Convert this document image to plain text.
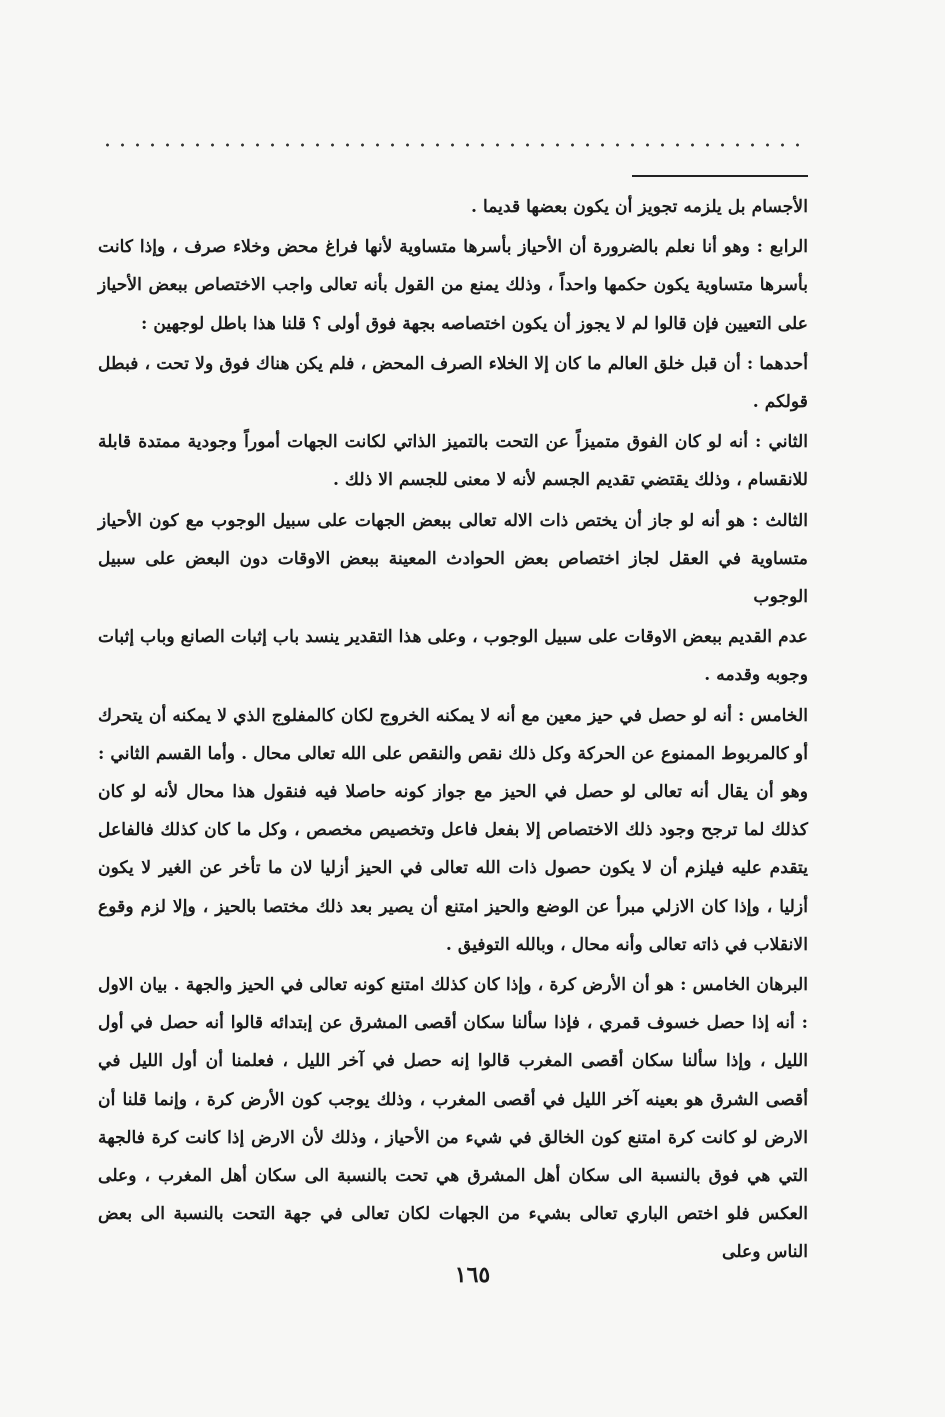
الأجسام بل يلزمه تجويز أن يكون بعضها قديما .

الرابع : وهو أنا نعلم بالضرورة أن الأحياز بأسرها متساوية لأنها فراغ محض وخلاء صرف ، وإذا كانت بأسرها متساوية يكون حكمها واحداً ، وذلك يمنع من القول بأنه تعالى واجب الاختصاص ببعض الأحياز على التعيين فإن قالوا لم لا يجوز أن يكون اختصاصه بجهة فوق أولى ؟ قلنا هذا باطل لوجهين :

أحدهما : أن قبل خلق العالم ما كان إلا الخلاء الصرف المحض ، فلم يكن هناك فوق ولا تحت ، فبطل قولكم .

الثاني : أنه لو كان الفوق متميزاً عن التحت بالتميز الذاتي لكانت الجهات أموراً وجودية ممتدة قابلة للانقسام ، وذلك يقتضي تقديم الجسم لأنه لا معنى للجسم الا ذلك .

الثالث : هو أنه لو جاز أن يختص ذات الاله تعالى ببعض الجهات على سبيل الوجوب مع كون الأحياز متساوية في العقل لجاز اختصاص بعض الحوادث المعينة ببعض الاوقات دون البعض على سبيل الوجوب

عدم القديم ببعض الاوقات على سبيل الوجوب ، وعلى هذا التقدير ينسد باب إثبات الصانع وباب إثبات وجوبه وقدمه .

الخامس : أنه لو حصل في حيز معين مع أنه لا يمكنه الخروج لكان كالمفلوج الذي لا يمكنه أن يتحرك أو كالمربوط الممنوع عن الحركة وكل ذلك نقص والنقص على الله تعالى محال . وأما القسم الثاني : وهو أن يقال أنه تعالى لو حصل في الحيز مع جواز كونه حاصلا فيه فنقول هذا محال لأنه لو كان كذلك لما ترجح وجود ذلك الاختصاص إلا بفعل فاعل وتخصيص مخصص ، وكل ما كان كذلك فالفاعل يتقدم عليه فيلزم أن لا يكون حصول ذات الله تعالى في الحيز أزليا لان ما تأخر عن الغير لا يكون أزليا ، وإذا كان الازلي مبرأ عن الوضع والحيز امتنع أن يصير بعد ذلك مختصا بالحيز ، وإلا لزم وقوع الانقلاب في ذاته تعالى وأنه محال ، وبالله التوفيق .

البرهان الخامس : هو أن الأرض كرة ، وإذا كان كذلك امتنع كونه تعالى في الحيز والجهة . بيان الاول : أنه إذا حصل خسوف قمري ، فإذا سألنا سكان أقصى المشرق عن إبتدائه قالوا أنه حصل في أول الليل ، وإذا سألنا سكان أقصى المغرب قالوا إنه حصل في آخر الليل ، فعلمنا أن أول الليل في أقصى الشرق هو بعينه آخر الليل في أقصى المغرب ، وذلك يوجب كون الأرض كرة ، وإنما قلنا أن الارض لو كانت كرة امتنع كون الخالق في شيء من الأحياز ، وذلك لأن الارض إذا كانت كرة فالجهة التي هي فوق بالنسبة الى سكان أهل المشرق هي تحت بالنسبة الى سكان أهل المغرب ، وعلى العكس فلو اختص الباري تعالى بشيء من الجهات لكان تعالى في جهة التحت بالنسبة الى بعض الناس وعلى

١٦٥
